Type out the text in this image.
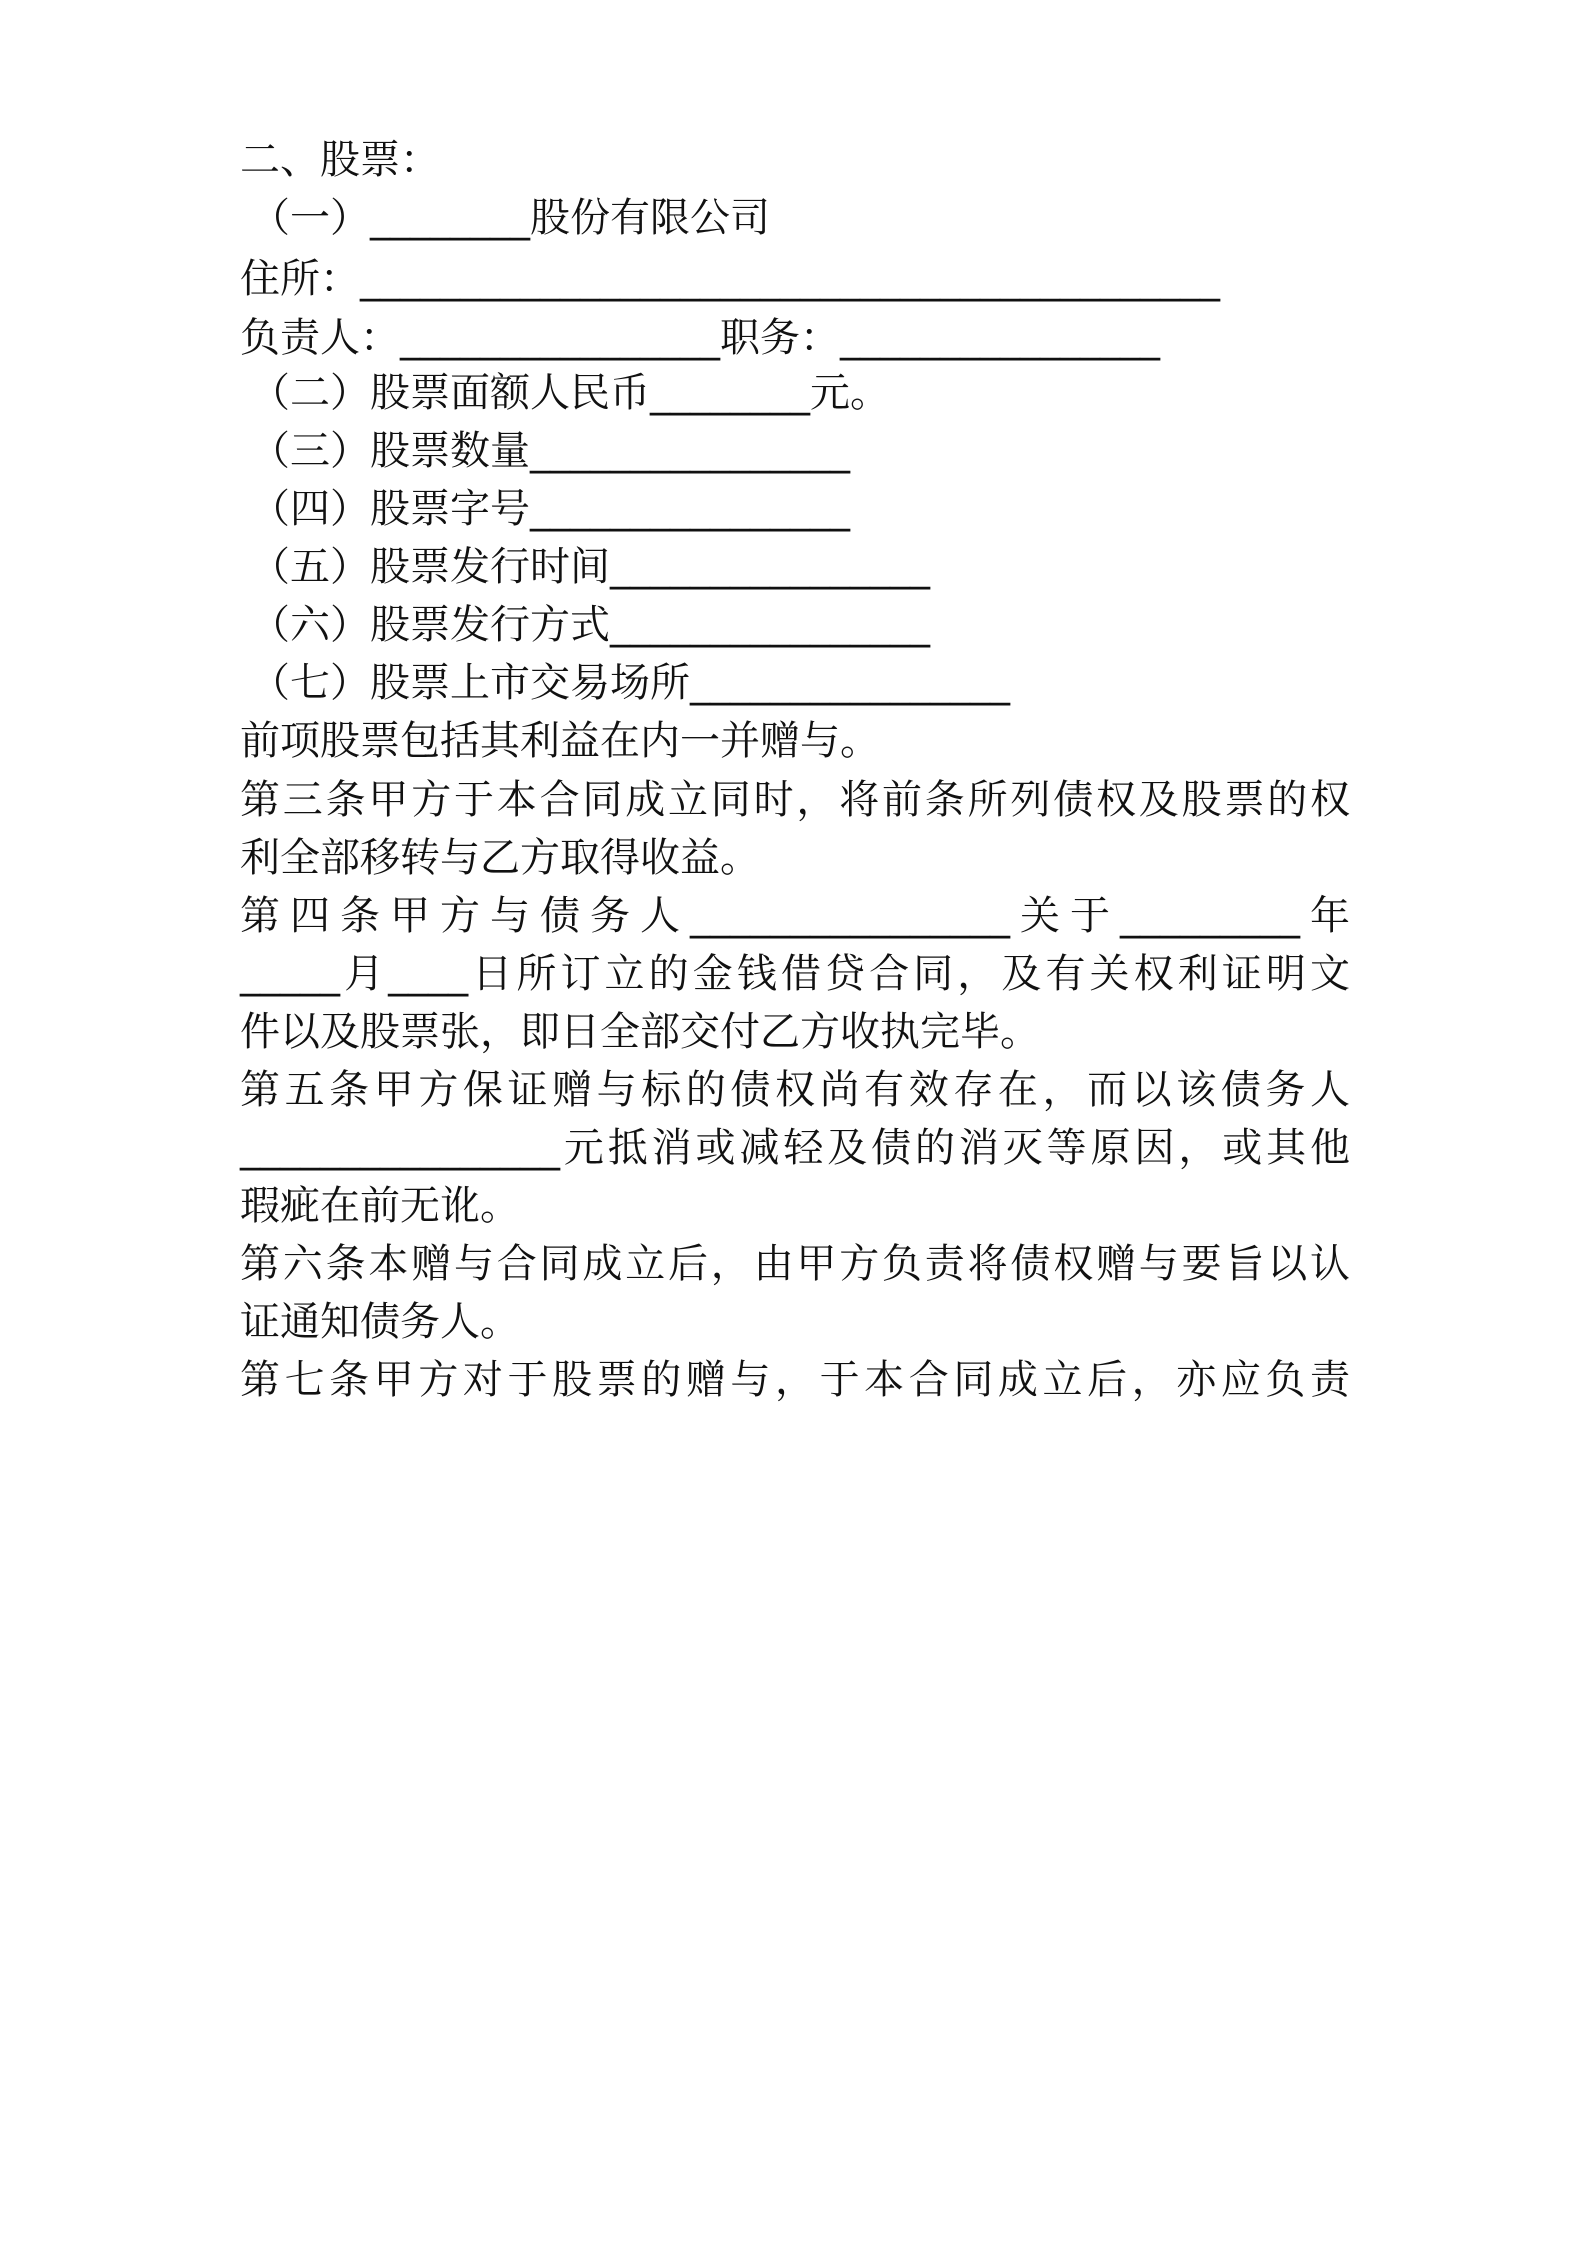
二、股票：

（一）________股份有限公司

住所：___________________________________________

负责人：________________职务：________________

（二）股票面额人民币________元。

（三）股票数量________________

（四）股票字号________________

（五）股票发行时间________________

（六）股票发行方式________________

（七）股票上市交易场所________________

前项股票包括其利益在内一并赠与。

第三条甲方于本合同成立同时，将前条所列债权及股票的权

利全部移转与乙方取得收益。

第四条甲方与债务人________________关于_________年

_____月____日所订立的金钱借贷合同，及有关权利证明文

件以及股票张，即日全部交付乙方收执完毕。

第五条甲方保证赠与标的债权尚有效存在，而以该债务人

________________元抵消或减轻及债的消灭等原因，或其他

瑕疵在前无讹。

第六条本赠与合同成立后，由甲方负责将债权赠与要旨以认

证通知债务人。

第七条甲方对于股票的赠与，于本合同成立后，亦应负责
